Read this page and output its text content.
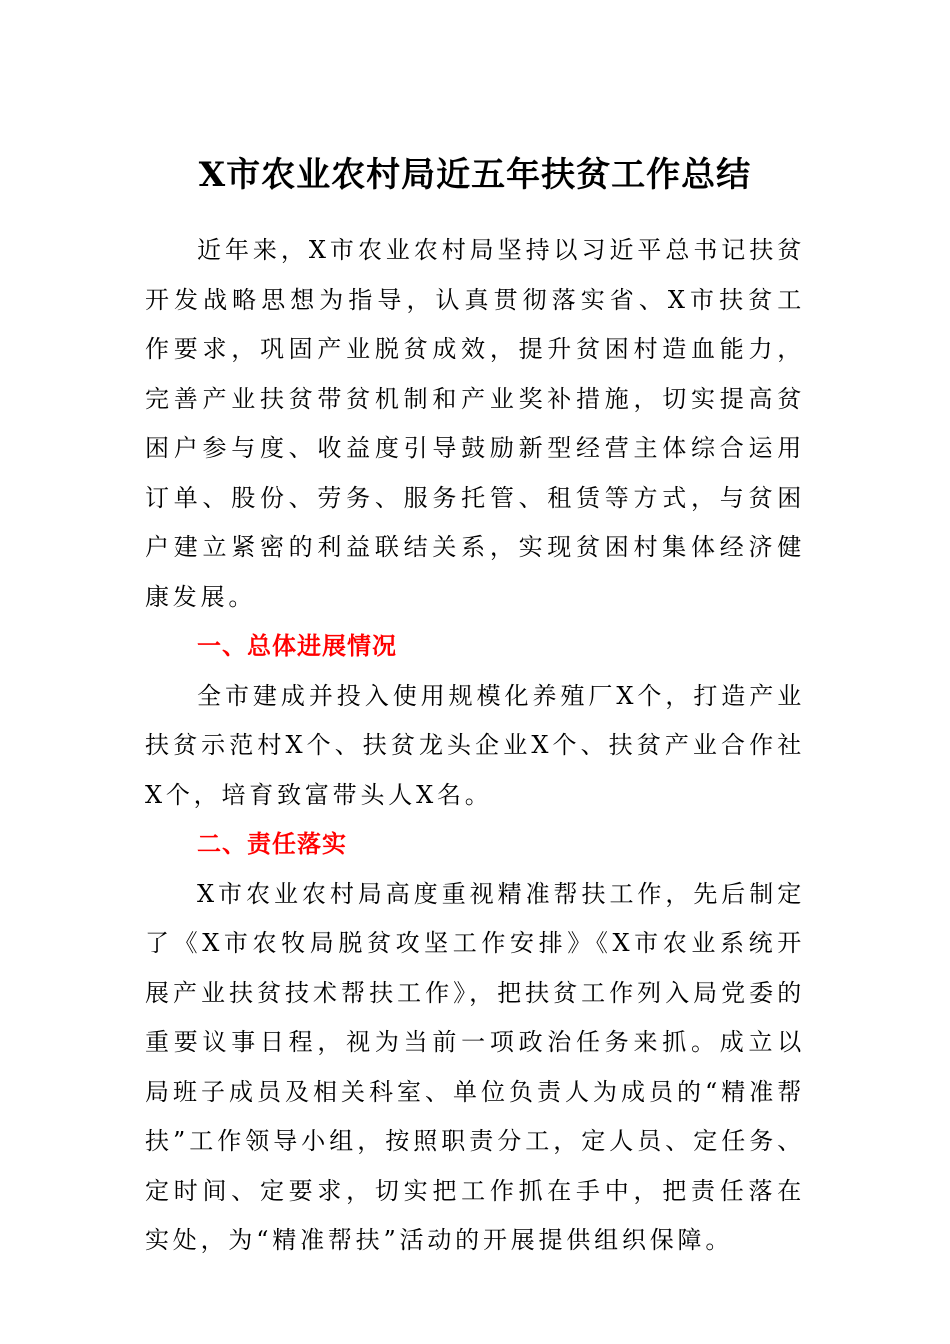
X市农业农村局近五年扶贫工作总结

近年来，X市农业农村局坚持以习近平总书记扶贫开发战略思想为指导，认真贯彻落实省、X市扶贫工作要求，巩固产业脱贫成效，提升贫困村造血能力，完善产业扶贫带贫机制和产业奖补措施，切实提高贫困户参与度、收益度引导鼓励新型经营主体综合运用订单、股份、劳务、服务托管、租赁等方式，与贫困户建立紧密的利益联结关系，实现贫困村集体经济健康发展。

一、总体进展情况

全市建成并投入使用规模化养殖厂X个，打造产业扶贫示范村X个、扶贫龙头企业X个、扶贫产业合作社X个，培育致富带头人X名。

二、责任落实

X市农业农村局高度重视精准帮扶工作，先后制定了《X市农牧局脱贫攻坚工作安排》《X市农业系统开展产业扶贫技术帮扶工作》，把扶贫工作列入局党委的重要议事日程，视为当前一项政治任务来抓。成立以局班子成员及相关科室、单位负责人为成员的“精准帮扶”工作领导小组，按照职责分工，定人员、定任务、定时间、定要求，切实把工作抓在手中，把责任落在实处，为“精准帮扶”活动的开展提供组织保障。
